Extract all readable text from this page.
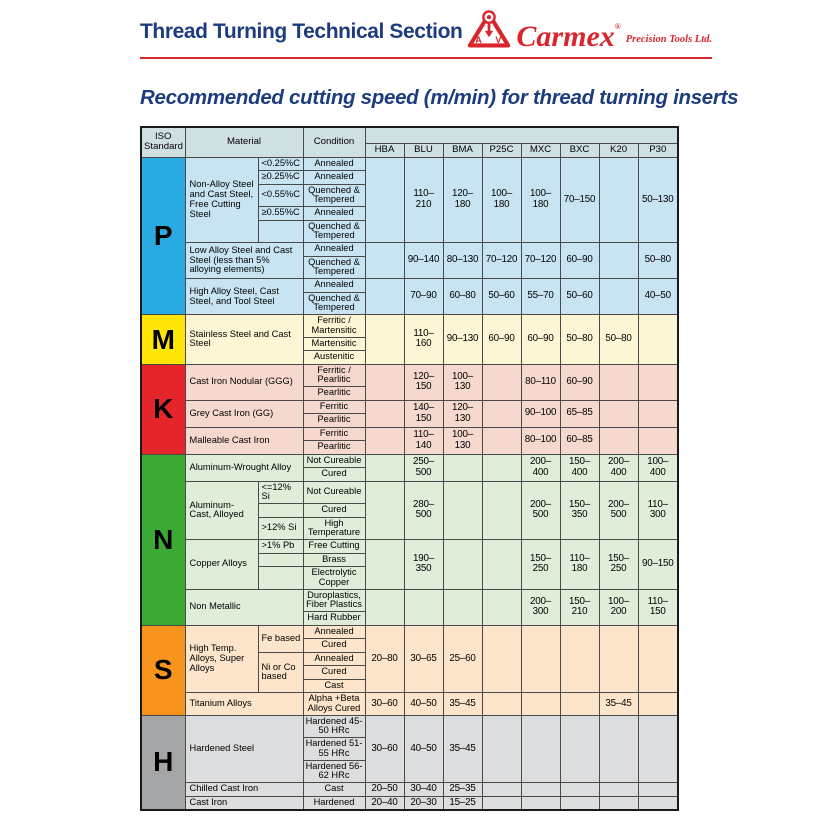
Thread Turning Technical Section A V Carmex®
Precision Tools Ltd.
Recommended cutting speed (m/min) for thread turning inserts
ISO Standard	Material		Condition								
				HBA	BLU	BMA	P25C	MXC	BXC	K20	P30
P	Non-Alloy Steel and Cast Steel, Free Cutting Steel	<0.25%C	Annealed		110–210	120–180	100–180	100–180	70–150		50–130
		≥0.25%C	Annealed								
		<0.55%C	Quenched & Tempered								
		≥0.55%C	Annealed								
			Quenched & Tempered								
	Low Alloy Steel and Cast Steel (less than 5% alloying elements)		Annealed		90–140	80–130	70–120	70–120	60–90		50–80
			Quenched & Tempered								
	High Alloy Steel, Cast Steel, and Tool Steel		Annealed		70–90	60–80	50–60	55–70	50–60		40–50
			Quenched & Tempered								
M	Stainless Steel and Cast Steel		Ferritic / Martensitic		110–160	90–130	60–90	60–90	50–80	50–80	
			Martensitic								
			Austenitic								
K	Cast Iron Nodular (GGG)		Ferritic / Pearlitic		120–150	100–130		80–110	60–90		
			Pearlitic								
	Grey Cast Iron (GG)		Ferritic		140–150	120–130		90–100	65–85		
			Pearlitic								
	Malleable Cast Iron		Ferritic		110–140	100–130		80–100	60–85		
			Pearlitic								
N	Aluminum-Wrought Alloy		Not Cureable		250–500			200–400	150–400	200–400	100–400
			Cured								
	Aluminum-Cast, Alloyed	<=12% Si	Not Cureable		280–500			200–500	150–350	200–500	110–300
			Cured								
		>12% Si	High Temperature								
	Copper Alloys	>1% Pb	Free Cutting		190–350			150–250	110–180	150–250	90–150
			Brass								
			Electrolytic Copper								
	Non Metallic		Duroplastics, Fiber Plastics					200–300	150–210	100–200	110–150
			Hard Rubber								
S	High Temp. Alloys, Super Alloys	Fe based	Annealed	20–80	30–65	25–60					
			Cured								
		Ni or Co based	Annealed								
			Cured								
			Cast								
	Titanium Alloys		Alpha +Beta Alloys Cured	30–60	40–50	35–45				35–45	
H	Hardened Steel		Hardened 45-50 HRc	30–60	40–50	35–45					
			Hardened 51-55 HRc								
			Hardened 56-62 HRc								
	Chilled Cast Iron		Cast	20–50	30–40	25–35					
	Cast Iron		Hardened	20–40	20–30	15–25					
